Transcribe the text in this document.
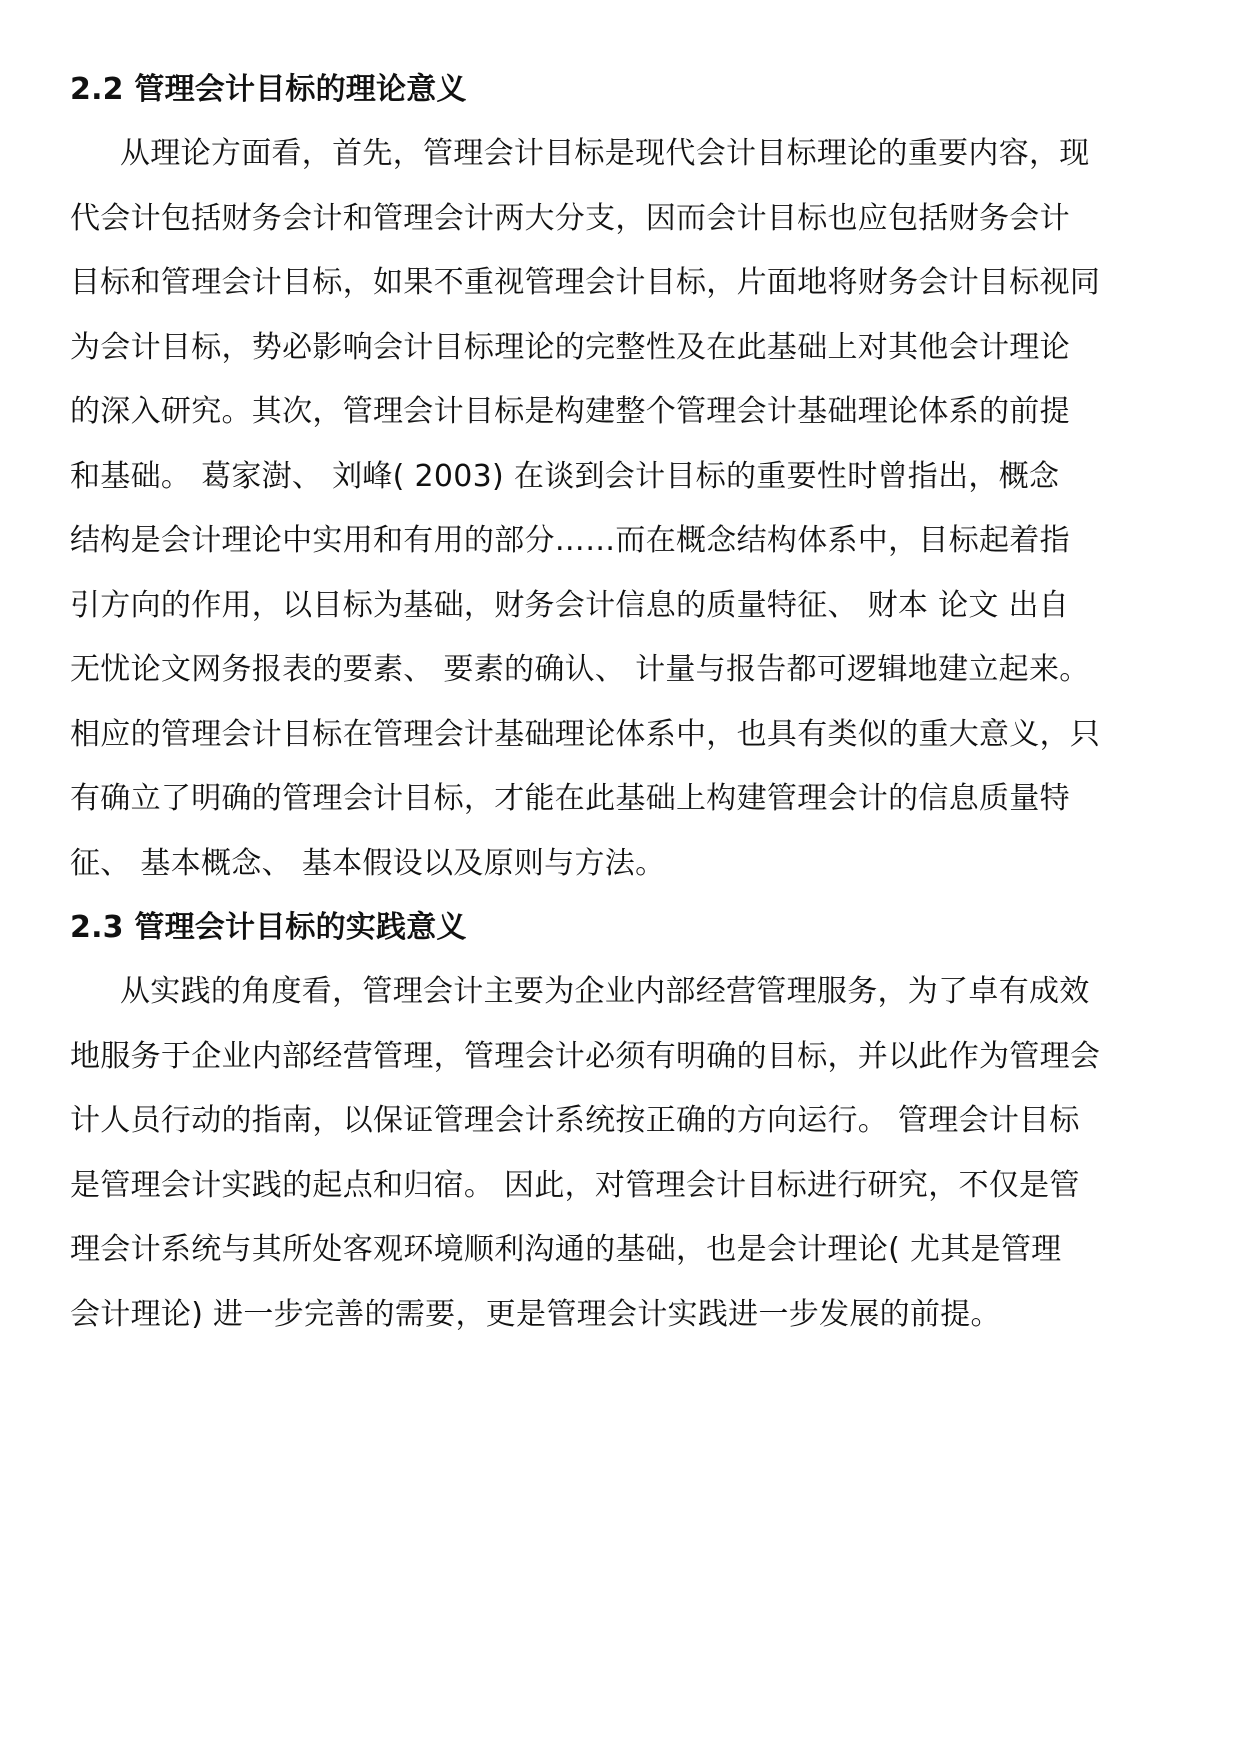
2.2 管理会计目标的理论意义
从理论方面看，首先，管理会计目标是现代会计目标理论的重要内容，现
代会计包括财务会计和管理会计两大分支，因而会计目标也应包括财务会计
目标和管理会计目标，如果不重视管理会计目标，片面地将财务会计目标视同
为会计目标，势必影响会计目标理论的完整性及在此基础上对其他会计理论
的深入研究。其次，管理会计目标是构建整个管理会计基础理论体系的前提
和基础。 葛家澍、 刘峰( 2003) 在谈到会计目标的重要性时曾指出，概念
结构是会计理论中实用和有用的部分……而在概念结构体系中，目标起着指
引方向的作用，以目标为基础，财务会计信息的质量特征、 财本 论文 出自
无忧论文网务报表的要素、 要素的确认、 计量与报告都可逻辑地建立起来。
相应的管理会计目标在管理会计基础理论体系中，也具有类似的重大意义，只
有确立了明确的管理会计目标，才能在此基础上构建管理会计的信息质量特
征、 基本概念、 基本假设以及原则与方法。
2.3 管理会计目标的实践意义
从实践的角度看，管理会计主要为企业内部经营管理服务，为了卓有成效
地服务于企业内部经营管理，管理会计必须有明确的目标，并以此作为管理会
计人员行动的指南，以保证管理会计系统按正确的方向运行。 管理会计目标
是管理会计实践的起点和归宿。 因此，对管理会计目标进行研究，不仅是管
理会计系统与其所处客观环境顺利沟通的基础，也是会计理论( 尤其是管理
会计理论) 进一步完善的需要，更是管理会计实践进一步发展的前提。
